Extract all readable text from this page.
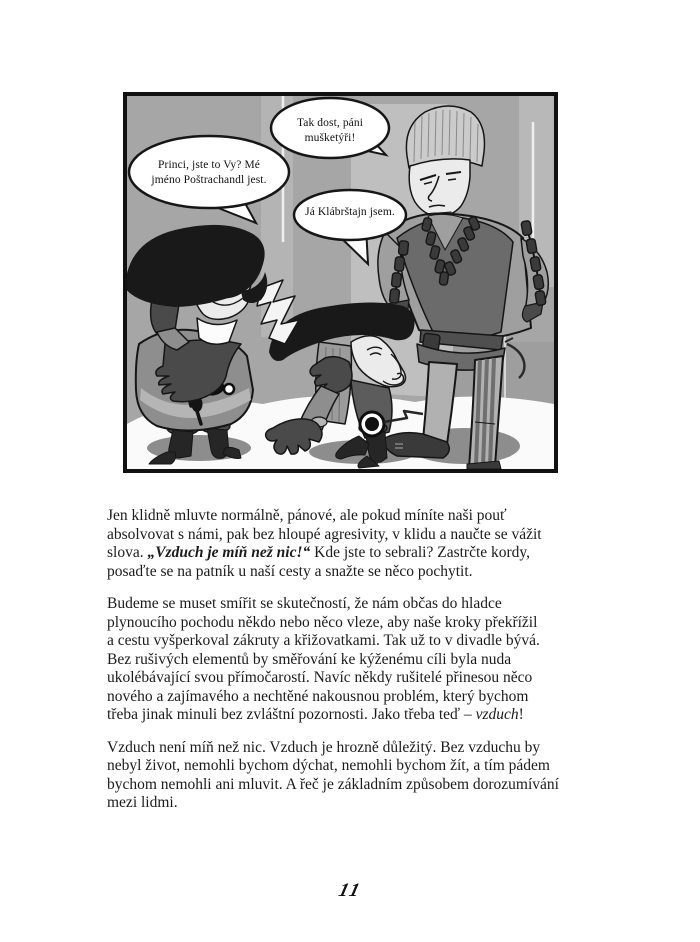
Tak dost, páni
mušketýři!
Princi, jste to Vy? Mé
jméno Poštrachandl jest.
Já Klábrštajn jsem.

Jen klidně mluvte normálně, pánové, ale pokud míníte naši pouť
absolvovat s námi, pak bez hloupé agresivity, v klidu a naučte se vážit
slova. „Vzduch je míň než nic!“ Kde jste to sebrali? Zastrčte kordy,
posaďte se na patník u naší cesty a snažte se něco pochytit.

Budeme se muset smířit se skutečností, že nám občas do hladce
plynoucího pochodu někdo nebo něco vleze, aby naše kroky překřížil
a cestu vyšperkoval zákruty a křižovatkami. Tak už to v divadle bývá.
Bez rušivých elementů by směřování ke kýženému cíli byla nuda
ukolébávající svou přímočarostí. Navíc někdy rušitelé přinesou něco
nového a zajímavého a nechtěné nakousnou problém, který bychom
třeba jinak minuli bez zvláštní pozornosti. Jako třeba teď – vzduch!

Vzduch není míň než nic. Vzduch je hrozně důležitý. Bez vzduchu by
nebyl život, nemohli bychom dýchat, nemohli bychom žít, a tím pádem
bychom nemohli ani mluvit. A řeč je základním způsobem dorozumívání
mezi lidmi.

11
